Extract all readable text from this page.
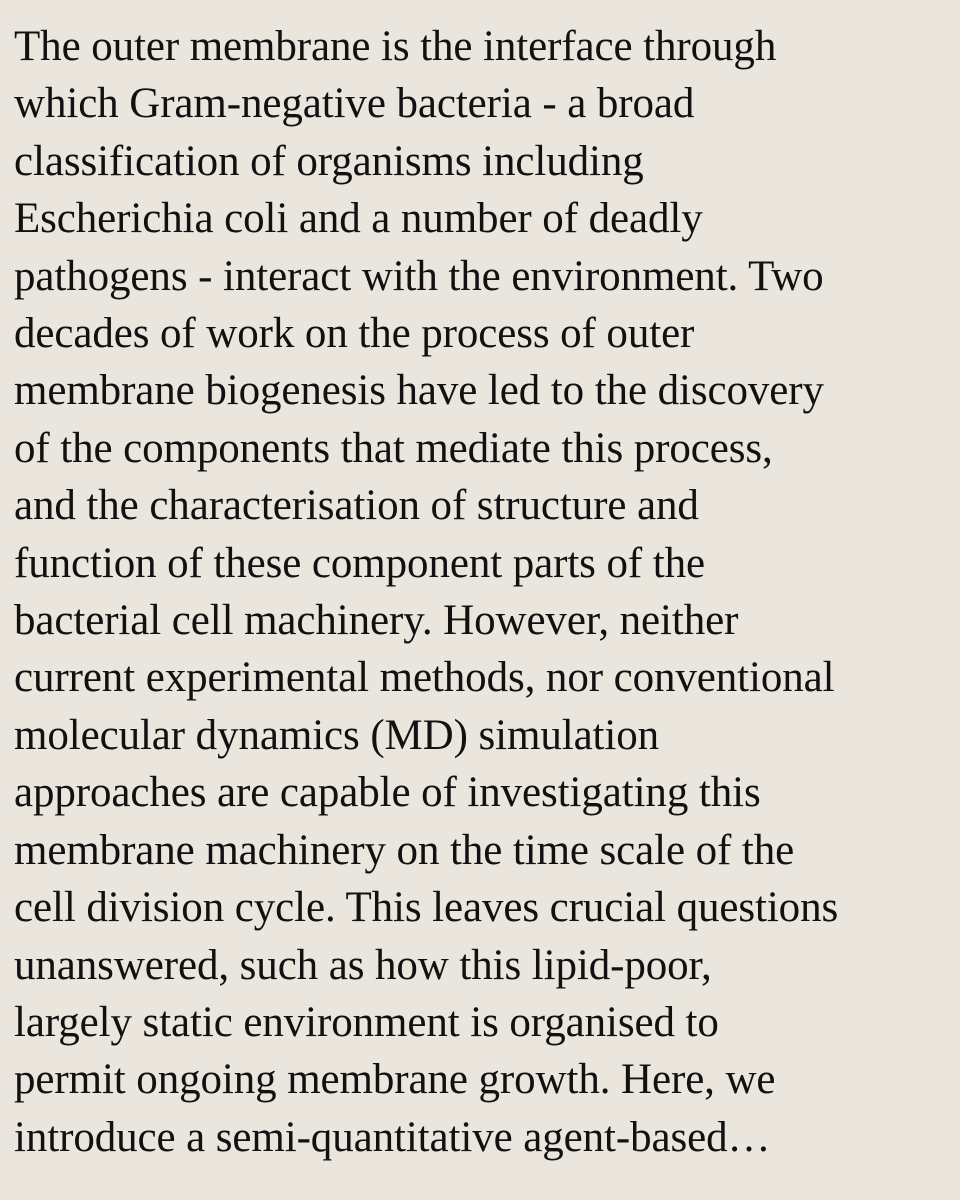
The outer membrane is the interface through
which Gram-negative bacteria - a broad
classification of organisms including
Escherichia coli and a number of deadly
pathogens - interact with the environment. Two
decades of work on the process of outer
membrane biogenesis have led to the discovery
of the components that mediate this process,
and the characterisation of structure and
function of these component parts of the
bacterial cell machinery. However, neither
current experimental methods, nor conventional
molecular dynamics (MD) simulation
approaches are capable of investigating this
membrane machinery on the time scale of the
cell division cycle. This leaves crucial questions
unanswered, such as how this lipid-poor,
largely static environment is organised to
permit ongoing membrane growth. Here, we
introduce a semi-quantitative agent-based…
